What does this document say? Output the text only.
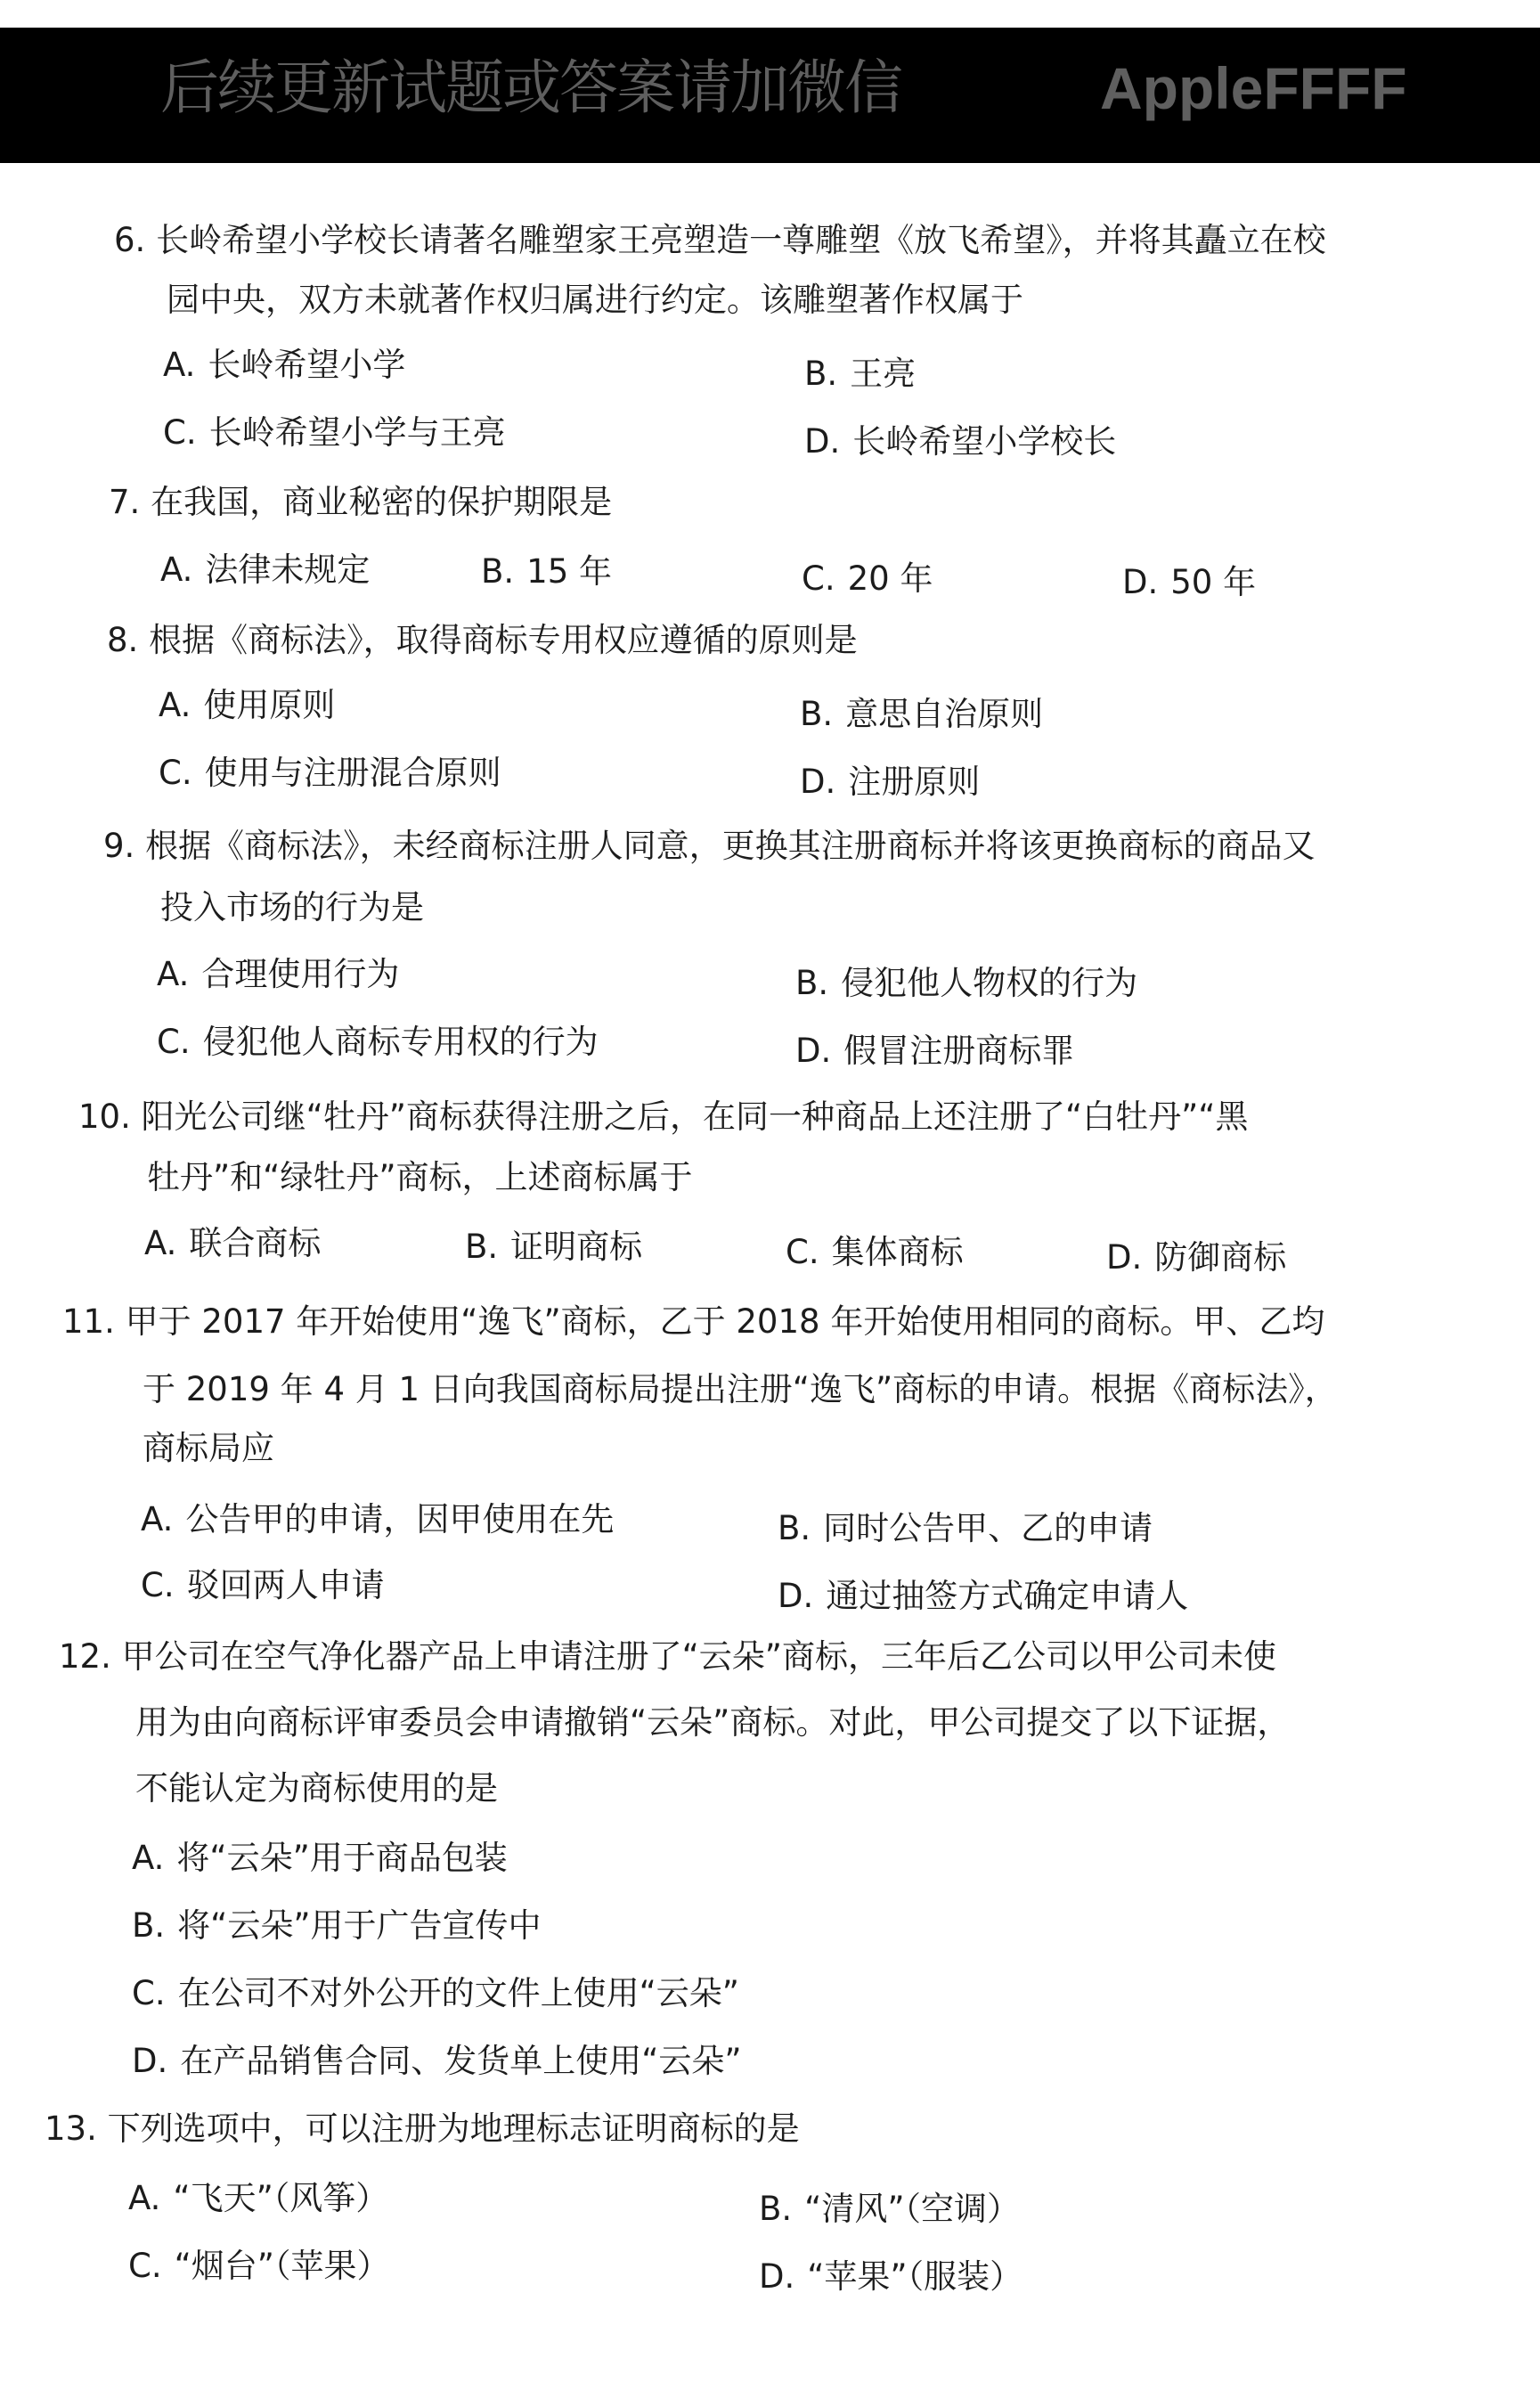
后续更新试题或答案请加微信	AppleFFFF
6. 长岭希望小学校长请著名雕塑家王亮塑造一尊雕塑《放飞希望》，并将其矗立在校
园中央，双方未就著作权归属进行约定。该雕塑著作权属于
A. 长岭希望小学	B. 王亮
C. 长岭希望小学与王亮	D. 长岭希望小学校长
7. 在我国，商业秘密的保护期限是
A. 法律未规定	B. 15 年	C. 20 年	D. 50 年
8. 根据《商标法》，取得商标专用权应遵循的原则是
A. 使用原则	B. 意思自治原则
C. 使用与注册混合原则	D. 注册原则
9. 根据《商标法》，未经商标注册人同意，更换其注册商标并将该更换商标的商品又
投入市场的行为是
A. 合理使用行为	B. 侵犯他人物权的行为
C. 侵犯他人商标专用权的行为	D. 假冒注册商标罪
10. 阳光公司继“牡丹”商标获得注册之后，在同一种商品上还注册了“白牡丹”“黑
牡丹”和“绿牡丹”商标，上述商标属于
A. 联合商标	B. 证明商标	C. 集体商标	D. 防御商标
11. 甲于 2017 年开始使用“逸飞”商标，乙于 2018 年开始使用相同的商标。甲、乙均
于 2019 年 4 月 1 日向我国商标局提出注册“逸飞”商标的申请。根据《商标法》，
商标局应
A. 公告甲的申请，因甲使用在先	B. 同时公告甲、乙的申请
C. 驳回两人申请	D. 通过抽签方式确定申请人
12. 甲公司在空气净化器产品上申请注册了“云朵”商标，三年后乙公司以甲公司未使
用为由向商标评审委员会申请撤销“云朵”商标。对此，甲公司提交了以下证据，
不能认定为商标使用的是
A. 将“云朵”用于商品包装
B. 将“云朵”用于广告宣传中
C. 在公司不对外公开的文件上使用“云朵”
D. 在产品销售合同、发货单上使用“云朵”
13. 下列选项中，可以注册为地理标志证明商标的是
A. “飞天”（风筝）	B. “清风”（空调）
C. “烟台”（苹果）	D. “苹果”（服装）
